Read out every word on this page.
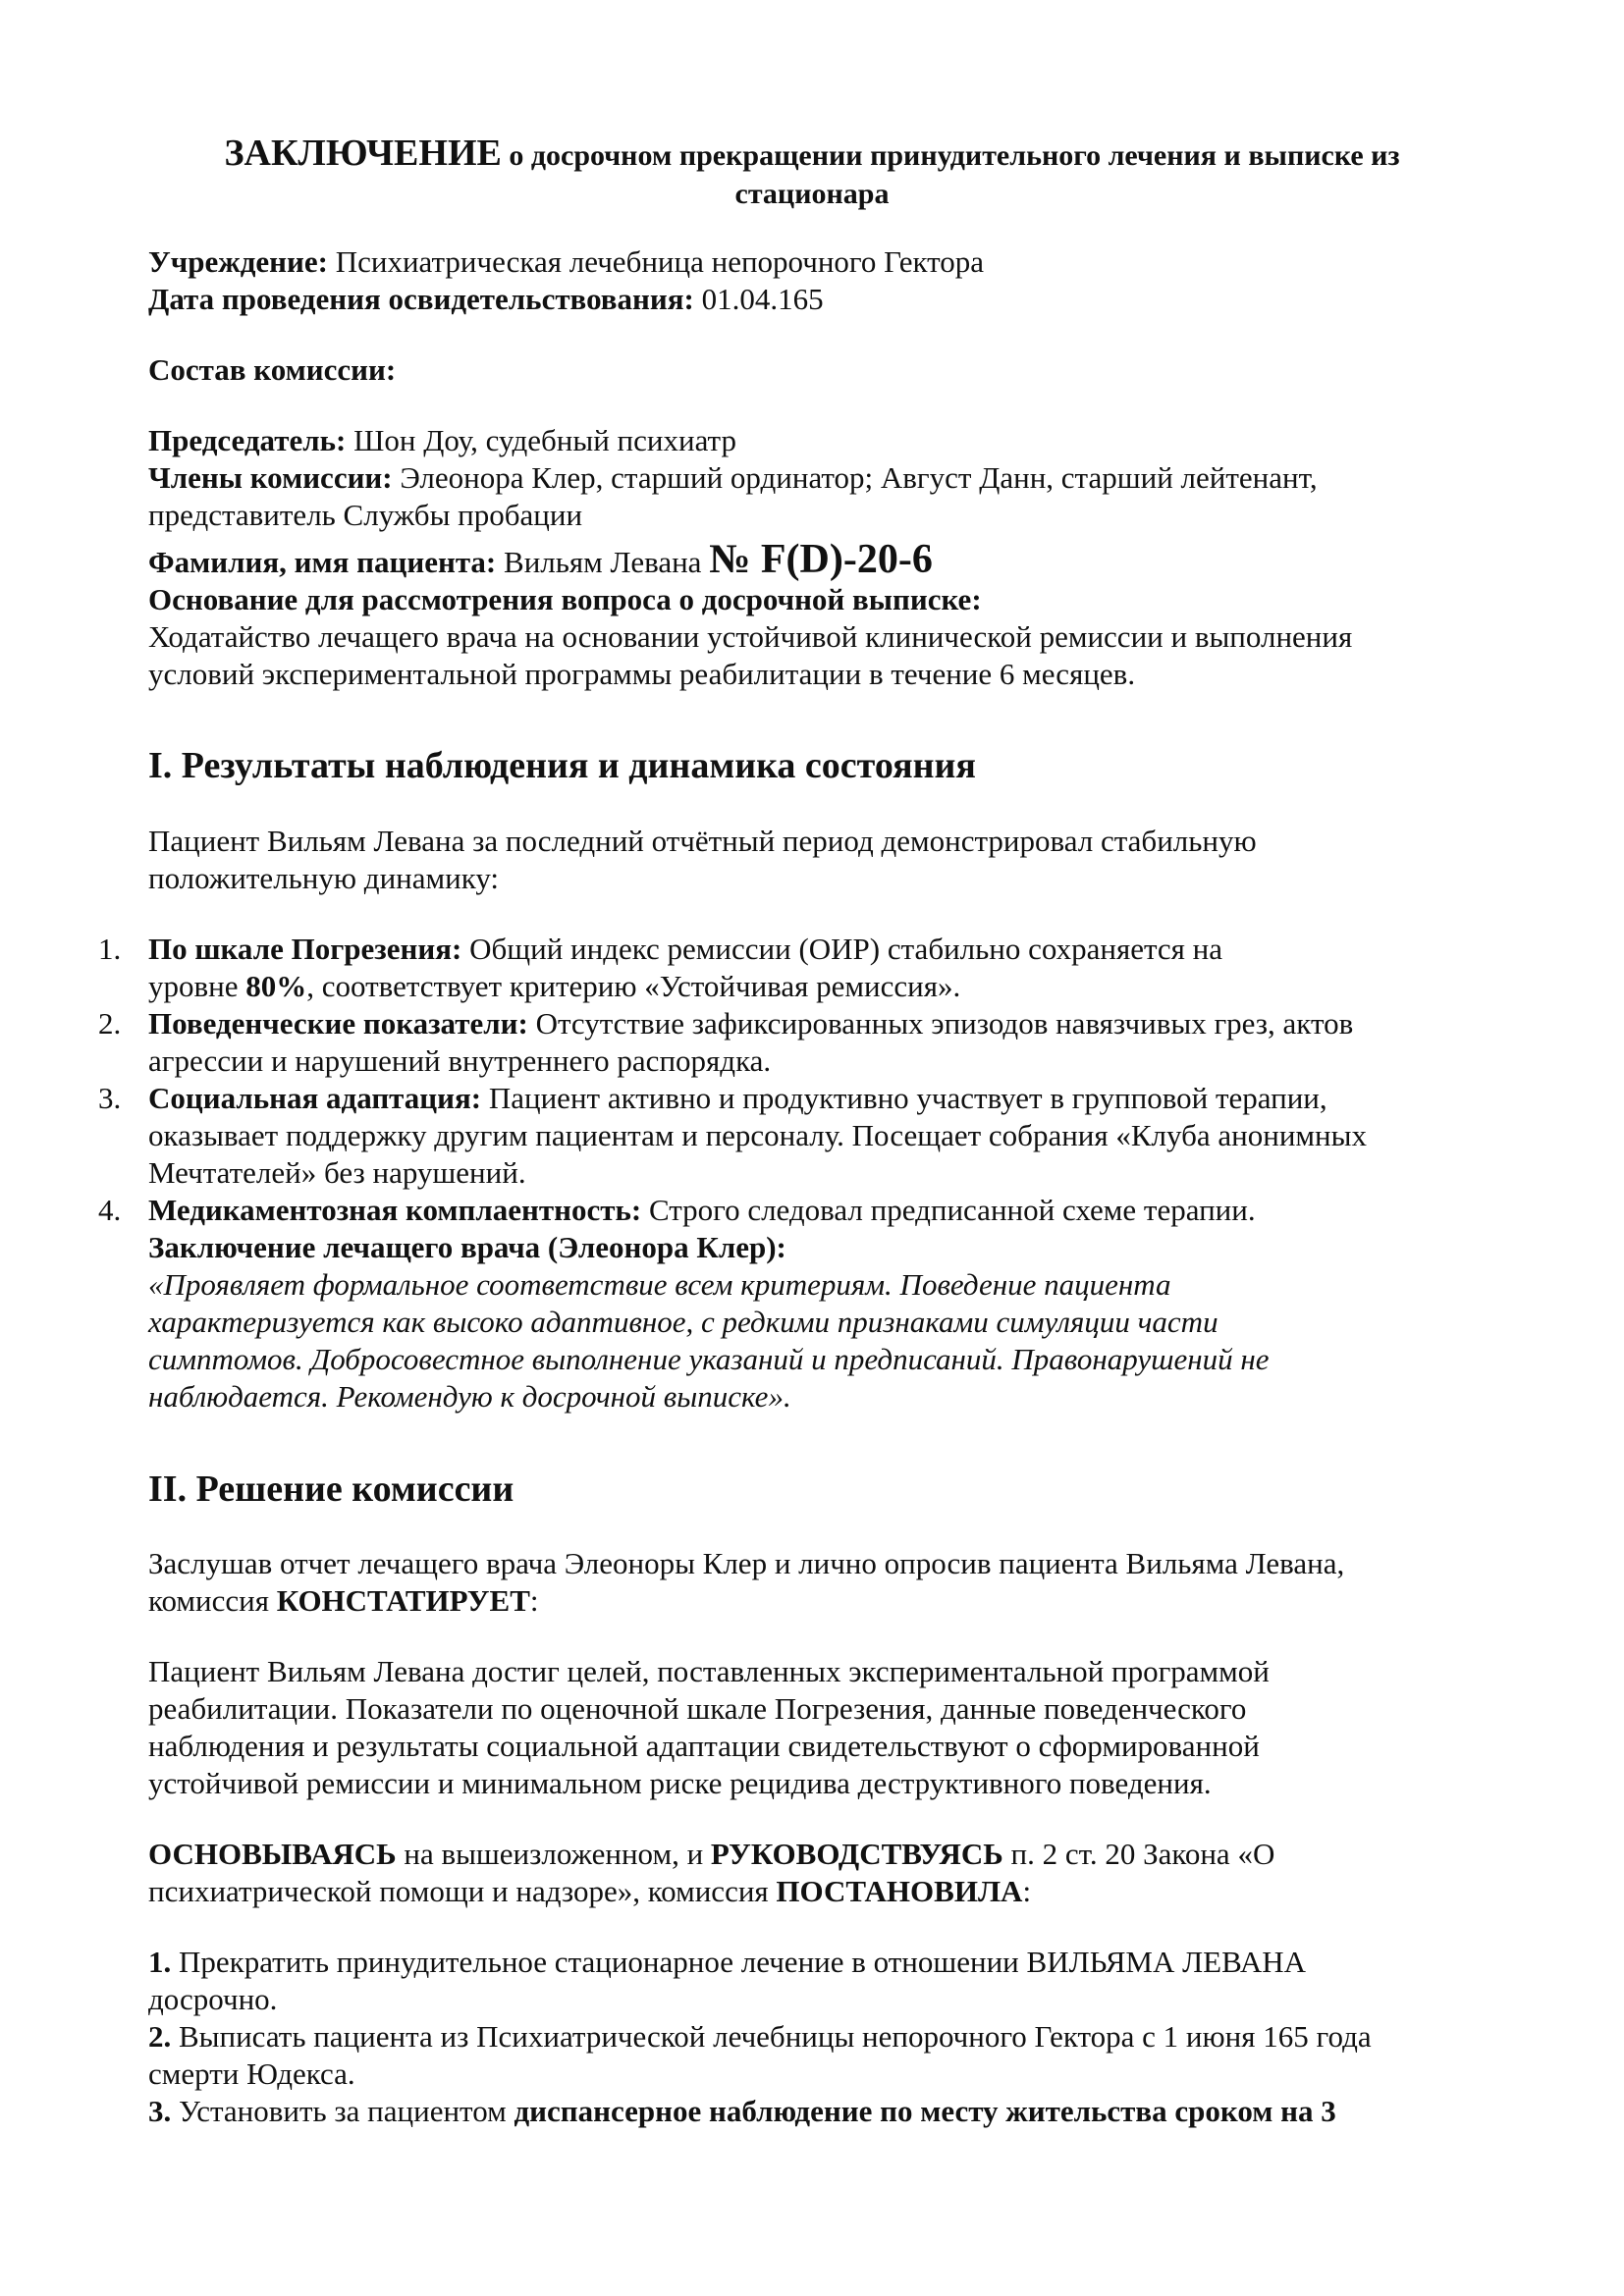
ЗАКЛЮЧЕНИЕ о досрочном прекращении принудительного лечения и выписке из
стационара
Учреждение: Психиатрическая лечебница непорочного Гектора
Дата проведения освидетельствования: 01.04.165
Состав комиссии:
Председатель: Шон Доу, судебный психиатр
Члены комиссии: Элеонора Клер, старший ординатор; Август Данн, старший лейтенант,
представитель Службы пробации
Фамилия, имя пациента: Вильям Левана № F(D)-20-6
Основание для рассмотрения вопроса о досрочной выписке:
Ходатайство лечащего врача на основании устойчивой клинической ремиссии и выполнения
условий экспериментальной программы реабилитации в течение 6 месяцев.
I. Результаты наблюдения и динамика состояния
Пациент Вильям Левана за последний отчётный период демонстрировал стабильную
положительную динамику:
1. По шкале Погрезения: Общий индекс ремиссии (ОИР) стабильно сохраняется на
уровне 80%, соответствует критерию «Устойчивая ремиссия».
2. Поведенческие показатели: Отсутствие зафиксированных эпизодов навязчивых грез, актов
агрессии и нарушений внутреннего распорядка.
3. Социальная адаптация: Пациент активно и продуктивно участвует в групповой терапии,
оказывает поддержку другим пациентам и персоналу. Посещает собрания «Клуба анонимных
Мечтателей» без нарушений.
4. Медикаментозная комплаентность: Строго следовал предписанной схеме терапии.
Заключение лечащего врача (Элеонора Клер):
«Проявляет формальное соответствие всем критериям. Поведение пациента
характеризуется как высоко адаптивное, с редкими признаками симуляции части
симптомов. Добросовестное выполнение указаний и предписаний. Правонарушений не
наблюдается. Рекомендую к досрочной выписке».
II. Решение комиссии
Заслушав отчет лечащего врача Элеоноры Клер и лично опросив пациента Вильяма Левана,
комиссия КОНСТАТИРУЕТ:
Пациент Вильям Левана достиг целей, поставленных экспериментальной программой
реабилитации. Показатели по оценочной шкале Погрезения, данные поведенческого
наблюдения и результаты социальной адаптации свидетельствуют о сформированной
устойчивой ремиссии и минимальном риске рецидива деструктивного поведения.
ОСНОВЫВАЯСЬ на вышеизложенном, и РУКОВОДСТВУЯСЬ п. 2 ст. 20 Закона «О
психиатрической помощи и надзоре», комиссия ПОСТАНОВИЛА:
1. Прекратить принудительное стационарное лечение в отношении ВИЛЬЯМА ЛЕВАНА
досрочно.
2. Выписать пациента из Психиатрической лечебницы непорочного Гектора с 1 июня 165 года
смерти Юдекса.
3. Установить за пациентом диспансерное наблюдение по месту жительства сроком на 3
